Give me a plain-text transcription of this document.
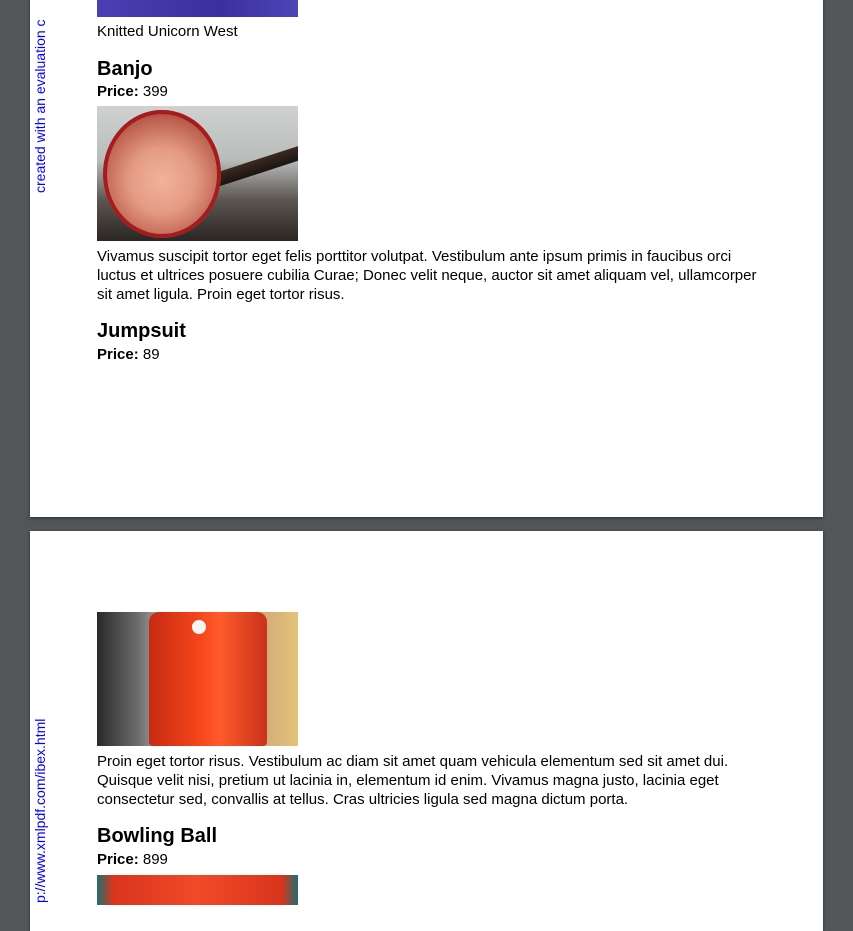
created with an evaluation c	Knitted Unicorn West
Banjo
Price: 399
Vivamus suscipit tortor eget felis porttitor volutpat. Vestibulum ante ipsum primis in faucibus orci luctus et ultrices posuere cubilia Curae; Donec velit neque, auctor sit amet aliquam vel, ullamcorper sit amet ligula. Proin eget tortor risus.
Jumpsuit
Price: 89
p://www.xmlpdf.com/ibex.html	Proin eget tortor risus. Vestibulum ac diam sit amet quam vehicula elementum sed sit amet dui. Quisque velit nisi, pretium ut lacinia in, elementum id enim. Vivamus magna justo, lacinia eget consectetur sed, convallis at tellus. Cras ultricies ligula sed magna dictum porta.
Bowling Ball
Price: 899
